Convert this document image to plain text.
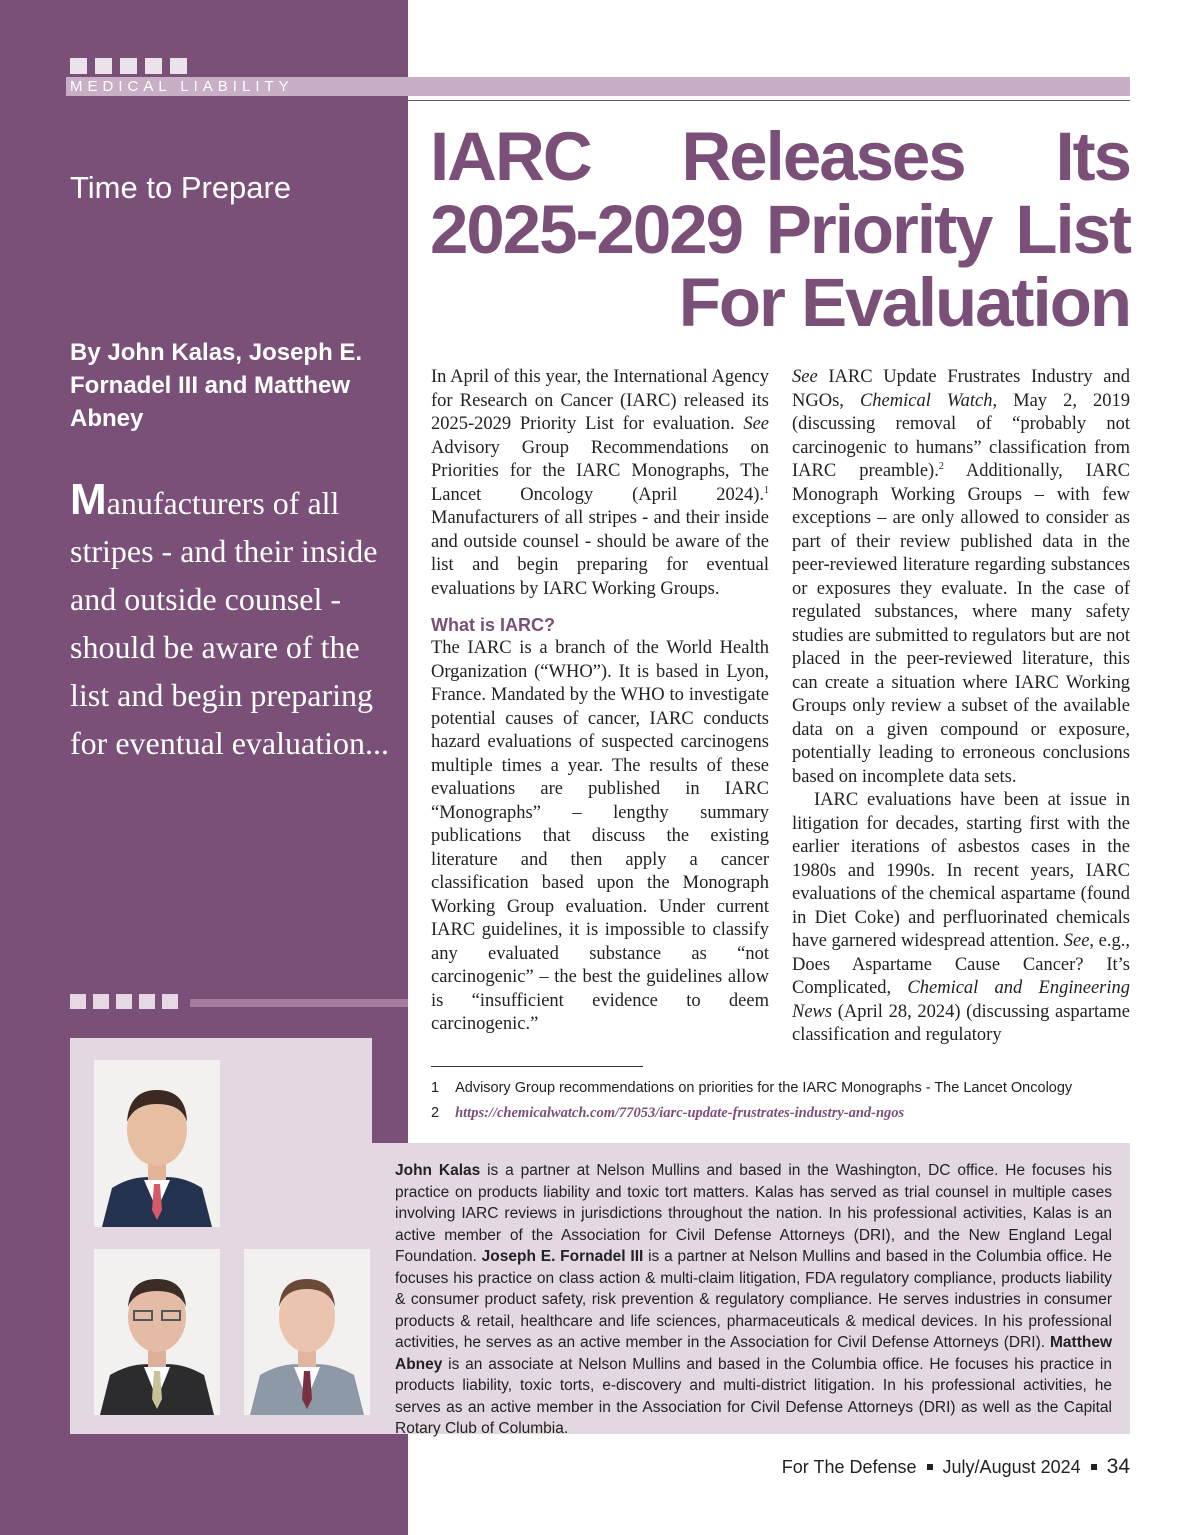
MEDICAL LIABILITY
Time to Prepare
By John Kalas, Joseph E. Fornadel III and Matthew Abney
Manufacturers of all stripes - and their inside and outside counsel - should be aware of the list and begin preparing for eventual evaluation...
IARC Releases Its 2025-2029 Priority List For Evaluation

In April of this year, the International Agency for Research on Cancer (IARC) released its 2025-2029 Priority List for evaluation. See Advisory Group Recommendations on Priorities for the IARC Monographs, The Lancet Oncology (April 2024).$^1$ Manufacturers of all stripes - and their inside and outside counsel - should be aware of the list and begin preparing for eventual evaluations by IARC Working Groups.

What is IARC?

The IARC is a branch of the World Health Organization (“WHO”). It is based in Lyon, France. Mandated by the WHO to investigate potential causes of cancer, IARC conducts hazard evaluations of suspected carcinogens multiple times a year. The results of these evaluations are published in IARC “Monographs” – lengthy summary publications that discuss the existing literature and then apply a cancer classification based upon the Monograph Working Group evaluation. Under current IARC guidelines, it is impossible to classify any evaluated substance as “not carcinogenic” – the best the guidelines allow is “insufficient evidence to deem carcinogenic.”

See IARC Update Frustrates Industry and NGOs, Chemical Watch, May 2, 2019 (discussing removal of “probably not carcinogenic to humans” classification from IARC preamble).$^2$ Additionally, IARC Monograph Working Groups – with few exceptions – are only allowed to consider as part of their review published data in the peer-reviewed literature regarding substances or exposures they evaluate. In the case of regulated substances, where many safety studies are submitted to regulators but are not placed in the peer-reviewed literature, this can create a situation where IARC Working Groups only review a subset of the available data on a given compound or exposure, potentially leading to erroneous conclusions based on incomplete data sets.

IARC evaluations have been at issue in litigation for decades, starting first with the earlier iterations of asbestos cases in the 1980s and 1990s. In recent years, IARC evaluations of the chemical aspartame (found in Diet Coke) and perfluorinated chemicals have garnered widespread attention. See, e.g., Does Aspartame Cause Cancer? It’s Complicated, Chemical and Engineering News (April 28, 2024) (discussing aspartame classification and regulatory

1 Advisory Group recommendations on priorities for the IARC Monographs - The Lancet Oncology
2 https://chemicalwatch.com/77053/iarc-update-frustrates-industry-and-ngos
John Kalas is a partner at Nelson Mullins and based in the Washington, DC office. He focuses his practice on products liability and toxic tort matters. Kalas has served as trial counsel in multiple cases involving IARC reviews in jurisdictions throughout the nation. In his professional activities, Kalas is an active member of the Association for Civil Defense Attorneys (DRI), and the New England Legal Foundation. Joseph E. Fornadel III is a partner at Nelson Mullins and based in the Columbia office. He focuses his practice on class action & multi-claim litigation, FDA regulatory compliance, products liability & consumer product safety, risk prevention & regulatory compliance. He serves industries in consumer products & retail, healthcare and life sciences, pharmaceuticals & medical devices. In his professional activities, he serves as an active member in the Association for Civil Defense Attorneys (DRI). Matthew Abney is an associate at Nelson Mullins and based in the Columbia office. He focuses his practice in products liability, toxic torts, e-discovery and multi-district litigation. In his professional activities, he serves as an active member in the Association for Civil Defense Attorneys (DRI) as well as the Capital Rotary Club of Columbia.
For The Defense July/August 2024 34
